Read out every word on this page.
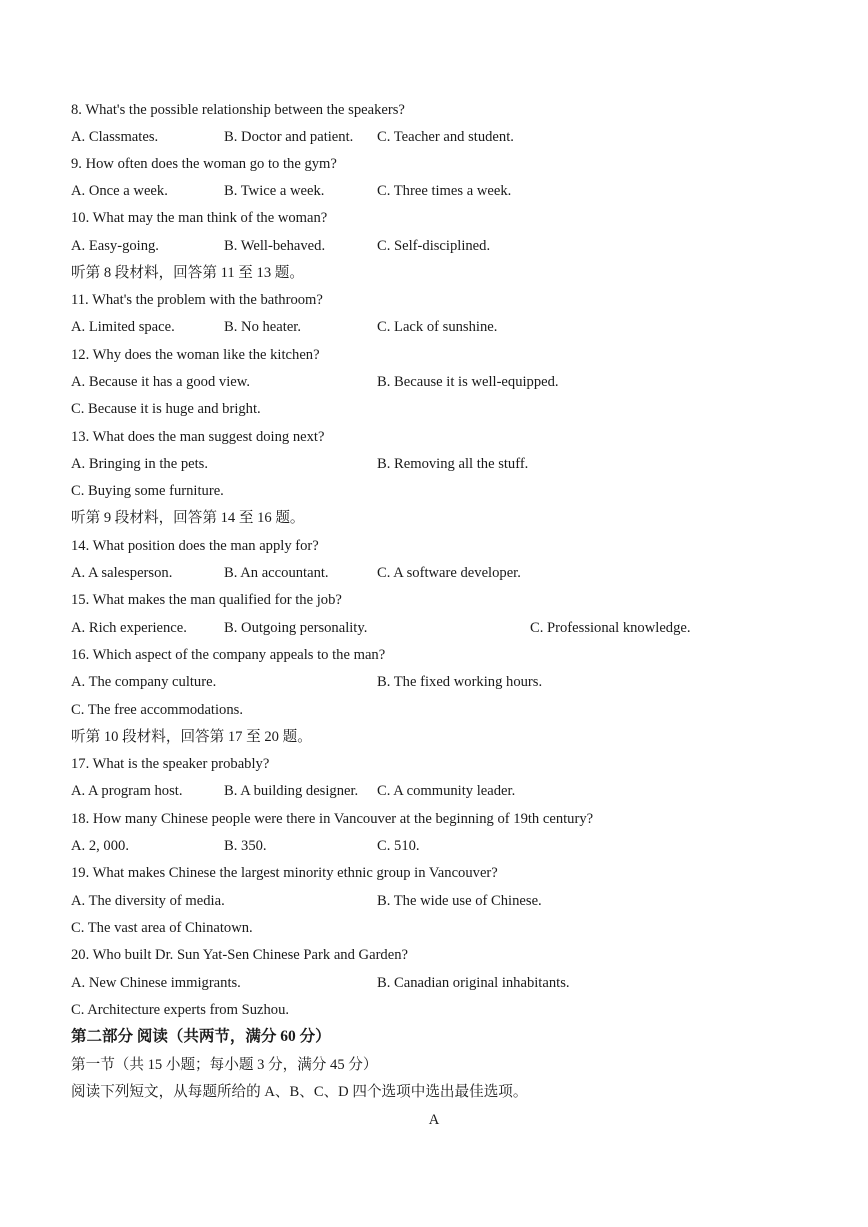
8. What's the possible relationship between the speakers?
A. Classmates.	B. Doctor and patient. C. Teacher and student.
9. How often does the woman go to the gym?
A. Once a week.	B. Twice a week.	C. Three times a week.
10. What may the man think of the woman?
A. Easy-going.	B. Well-behaved.	C. Self-disciplined.
听第 8 段材料，回答第 11 至 13 题。
11. What's the problem with the bathroom?
A. Limited space.	B. No heater.	C. Lack of sunshine.
12. Why does the woman like the kitchen?
A. Because it has a good view.	B. Because it is well-equipped.
C. Because it is huge and bright.
13. What does the man suggest doing next?
A. Bringing in the pets.	B. Removing all the stuff.
C. Buying some furniture.
听第 9 段材料，回答第 14 至 16 题。
14. What position does the man apply for?
A. A salesperson.	B. An accountant.	C. A software developer.
15. What makes the man qualified for the job?
A. Rich experience.	B. Outgoing personality.	C. Professional knowledge.
16. Which aspect of the company appeals to the man?
A. The company culture.	B. The fixed working hours.
C. The free accommodations.
听第 10 段材料，回答第 17 至 20 题。
17. What is the speaker probably?
A. A program host.	B. A building designer. C. A community leader.
18. How many Chinese people were there in Vancouver at the beginning of 19th century?
A. 2, 000.	B. 350.	C. 510.
19. What makes Chinese the largest minority ethnic group in Vancouver?
A. The diversity of media.	B. The wide use of Chinese.
C. The vast area of Chinatown.
20. Who built Dr. Sun Yat-Sen Chinese Park and Garden?
A. New Chinese immigrants.	B. Canadian original inhabitants.
C. Architecture experts from Suzhou.
第二部分 阅读（共两节，满分 60 分）
第一节（共 15 小题；每小题 3 分，满分 45 分）
阅读下列短文，从每题所给的 A、B、C、D 四个选项中选出最佳选项。
A
